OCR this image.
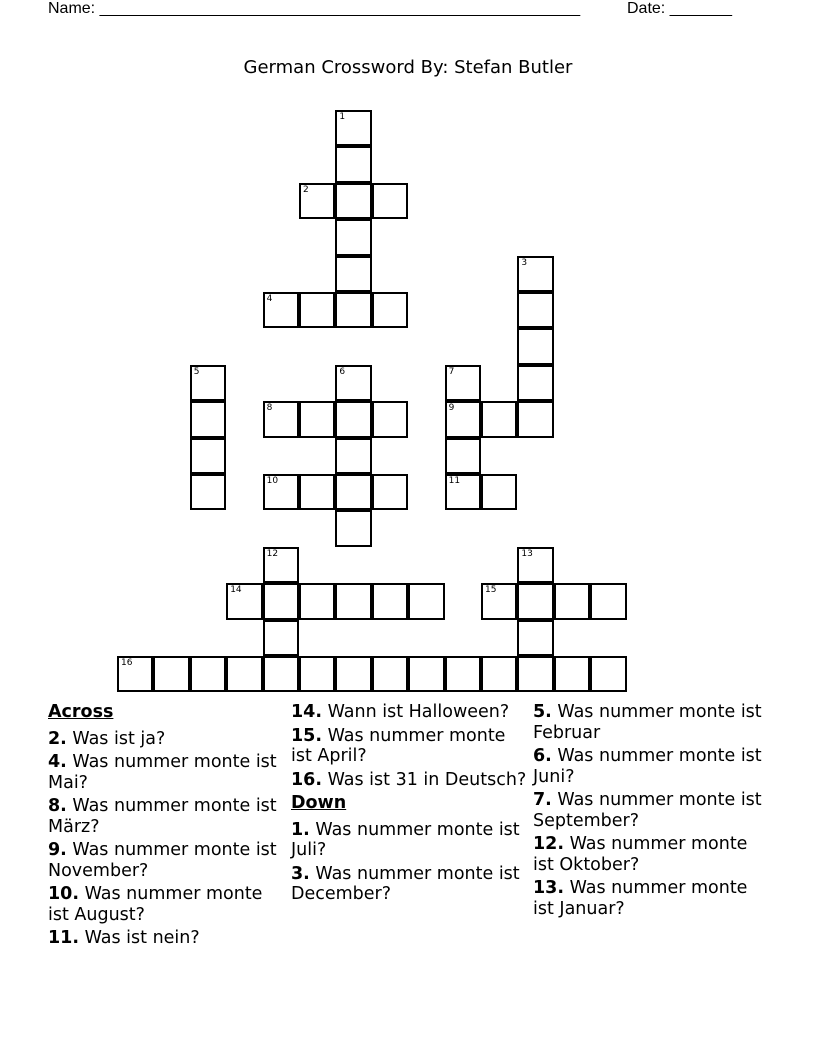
Name: ______________________________________________________	Date: _______
German Crossword By: Stefan Butler
1
2
3
4
5	6	7
8	9
10	11
12	13
14	15
16
Across
2. Was ist ja?
4. Was nummer monte ist Mai?
8. Was nummer monte ist März?
9. Was nummer monte ist November?
10. Was nummer monte ist August?
11. Was ist nein?
14. Wann ist Halloween?
15. Was nummer monte ist April?
16. Was ist 31 in Deutsch?
Down
1. Was nummer monte ist Juli?
3. Was nummer monte ist December?
5. Was nummer monte ist Februar
6. Was nummer monte ist Juni?
7. Was nummer monte ist September?
12. Was nummer monte ist Oktober?
13. Was nummer monte ist Januar?
